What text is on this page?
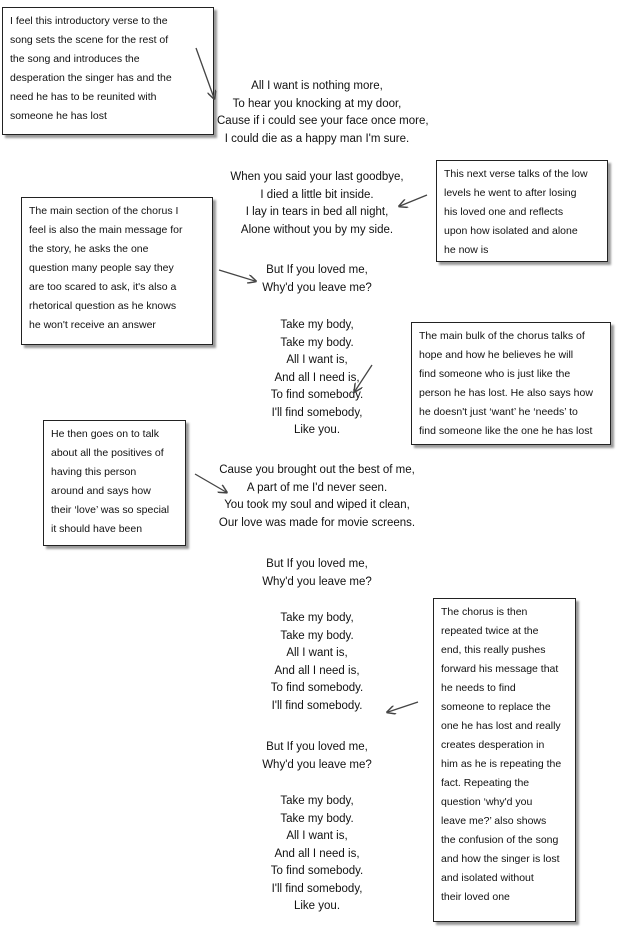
I feel this introductory verse to the

song sets the scene for the rest of

the song and introduces the

desperation the singer has and the

need he has to be reunited with

someone he has lost

This next verse talks of the low

levels he went to after losing

his loved one and reflects

upon how isolated and alone

he now is

The main section of the chorus I

feel is also the main message for

the story, he asks the one

question many people say they

are too scared to ask, it's also a

rhetorical question as he knows

he won't receive an answer

The main bulk of the chorus talks of

hope and how he believes he will

find someone who is just like the

person he has lost. He also says how

he doesn't just ‘want’ he ‘needs’ to

find someone like the one he has lost

He then goes on to talk

about all the positives of

having this person

around and says how

their ‘love’ was so special

it should have been

The chorus is then

repeated twice at the

end, this really pushes

forward his message that

he needs to find

someone to replace the

one he has lost and really

creates desperation in

him as he is repeating the

fact. Repeating the

question ‘why'd you

leave me?’ also shows

the confusion of the song

and how the singer is lost

and isolated without

their loved one

All I want is nothing more,

To hear you knocking at my door,

Cause if i could see your face once more,

I could die as a happy man I'm sure.

When you said your last goodbye,

I died a little bit inside.

I lay in tears in bed all night,

Alone without you by my side.

But If you loved me,

Why'd you leave me?

Take my body,

Take my body.

All I want is,

And all I need is,

To find somebody.

I'll find somebody,

Like you.

Cause you brought out the best of me,

A part of me I'd never seen.

You took my soul and wiped it clean,

Our love was made for movie screens.

But If you loved me,

Why'd you leave me?

Take my body,

Take my body.

All I want is,

And all I need is,

To find somebody.

I'll find somebody.

But If you loved me,

Why'd you leave me?

Take my body,

Take my body.

All I want is,

And all I need is,

To find somebody.

I'll find somebody,

Like you.
